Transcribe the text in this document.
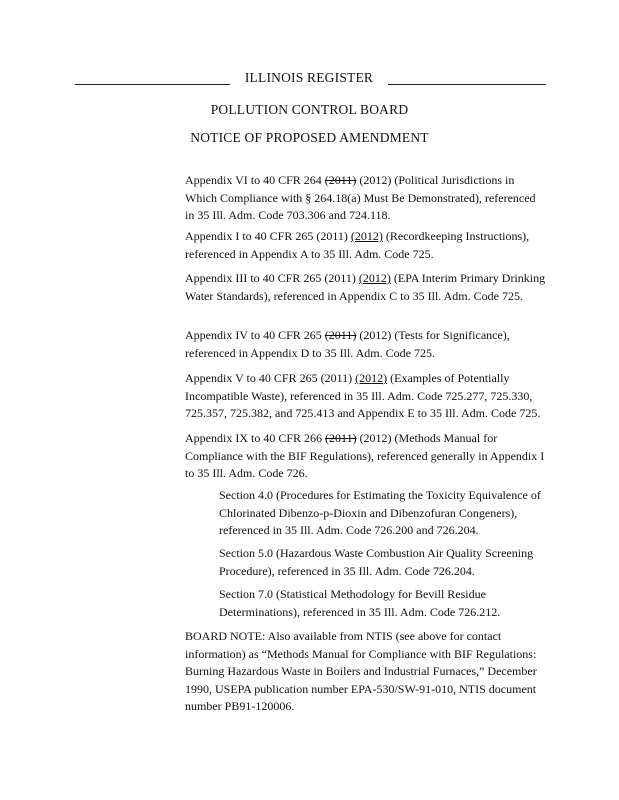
ILLINOIS REGISTER
POLLUTION CONTROL BOARD
NOTICE OF PROPOSED AMENDMENT
Appendix VI to 40 CFR 264 (2011) (2012) (Political Jurisdictions in Which Compliance with § 264.18(a) Must Be Demonstrated), referenced in 35 Ill. Adm. Code 703.306 and 724.118.
Appendix I to 40 CFR 265 (2011) (2012) (Recordkeeping Instructions), referenced in Appendix A to 35 Ill. Adm. Code 725.
Appendix III to 40 CFR 265 (2011) (2012) (EPA Interim Primary Drinking Water Standards), referenced in Appendix C to 35 Ill. Adm. Code 725.
Appendix IV to 40 CFR 265 (2011) (2012) (Tests for Significance), referenced in Appendix D to 35 Ill. Adm. Code 725.
Appendix V to 40 CFR 265 (2011) (2012) (Examples of Potentially Incompatible Waste), referenced in 35 Ill. Adm. Code 725.277, 725.330, 725.357, 725.382, and 725.413 and Appendix E to 35 Ill. Adm. Code 725.
Appendix IX to 40 CFR 266 (2011) (2012) (Methods Manual for Compliance with the BIF Regulations), referenced generally in Appendix I to 35 Ill. Adm. Code 726.
Section 4.0 (Procedures for Estimating the Toxicity Equivalence of Chlorinated Dibenzo-p-Dioxin and Dibenzofuran Congeners), referenced in 35 Ill. Adm. Code 726.200 and 726.204.
Section 5.0 (Hazardous Waste Combustion Air Quality Screening Procedure), referenced in 35 Ill. Adm. Code 726.204.
Section 7.0 (Statistical Methodology for Bevill Residue Determinations), referenced in 35 Ill. Adm. Code 726.212.
BOARD NOTE: Also available from NTIS (see above for contact information) as “Methods Manual for Compliance with BIF Regulations: Burning Hazardous Waste in Boilers and Industrial Furnaces,” December 1990, USEPA publication number EPA-530/SW-91-010, NTIS document number PB91-120006.
